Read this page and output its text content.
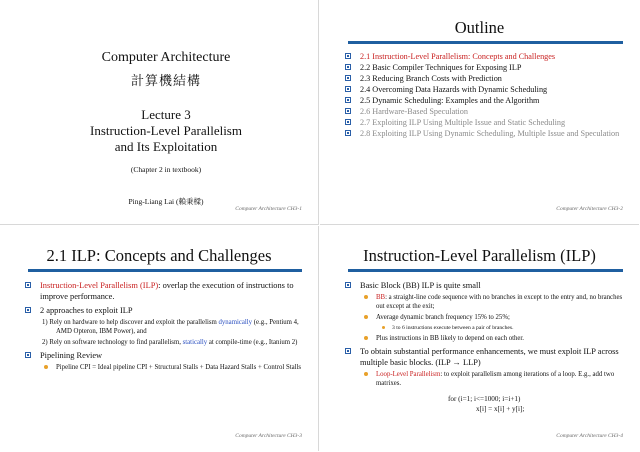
Computer Architecture
計算機結構
Lecture 3
Instruction-Level Parallelism
and Its Exploitation
(Chapter 2 in textbook)
Ping-Liang Lai (賴秉樑)
Computer Architecture CH3-1
Outline
2.1 Instruction-Level Parallelism: Concepts and Challenges
2.2 Basic Compiler Techniques for Exposing ILP
2.3 Reducing Branch Costs with Prediction
2.4 Overcoming Data Hazards with Dynamic Scheduling
2.5 Dynamic Scheduling: Examples and the Algorithm
2.6 Hardware-Based Speculation
2.7 Exploiting ILP Using Multiple Issue and Static Scheduling
2.8 Exploiting ILP Using Dynamic Scheduling, Multiple Issue and Speculation
Computer Architecture CH3-2
2.1 ILP: Concepts and Challenges
Instruction-Level Parallelism (ILP): overlap the execution of instructions to improve performance.
2 approaches to exploit ILP
1) Rely on hardware to help discover and exploit the parallelism dynamically (e.g., Pentium 4, AMD Opteron, IBM Power), and
2) Rely on software technology to find parallelism, statically at compile-time (e.g., Itanium 2)
Pipelining Review
Pipeline CPI = Ideal pipeline CPI + Structural Stalls + Data Hazard Stalls + Control Stalls
Computer Architecture CH3-3
Instruction-Level Parallelism (ILP)
Basic Block (BB) ILP is quite small
BB: a straight-line code sequence with no branches in except to the entry and, no branches out except at the exit;
Average dynamic branch frequency 15% to 25%;
3 to 6 instructions execute between a pair of branches.
Plus instructions in BB likely to depend on each other.
To obtain substantial performance enhancements, we must exploit ILP across multiple basic blocks. (ILP → LLP)
Loop-Level Parallelism: to exploit parallelism among iterations of a loop. E.g., add two matrixes.
for (i=1; i<=1000; i=i+1)
x[i] = x[i] + y[i];
Computer Architecture CH3-4
